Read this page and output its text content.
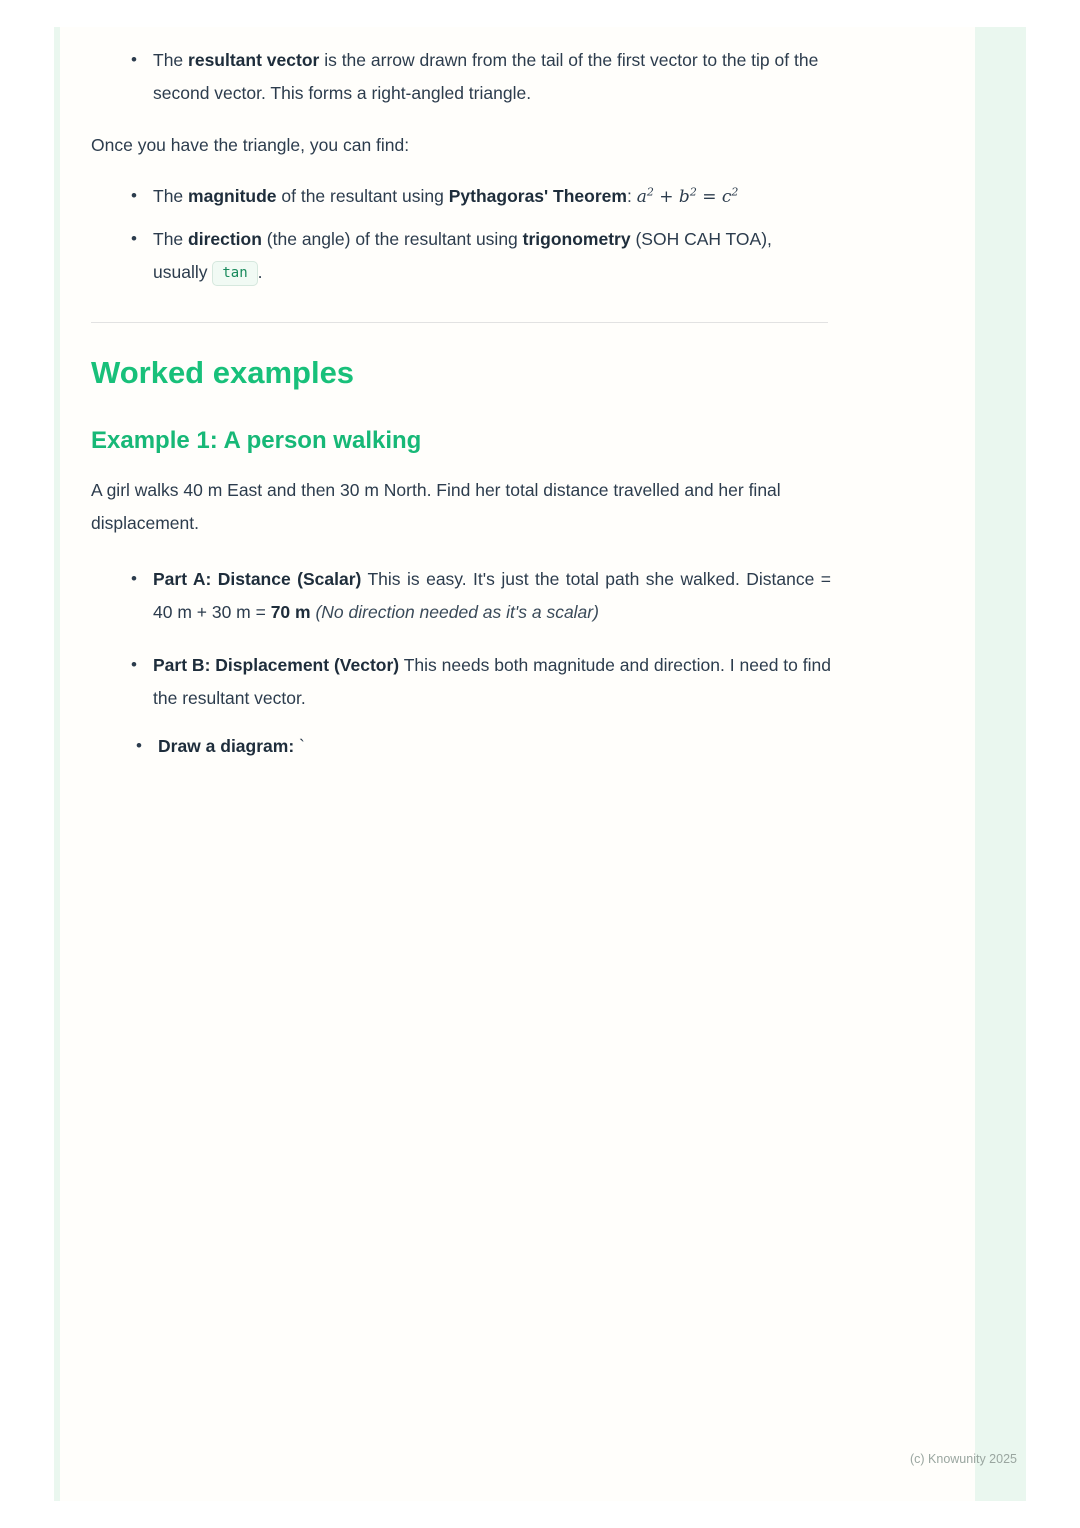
• The resultant vector is the arrow drawn from the tail of the first vector to the tip of the second vector. This forms a right-angled triangle.

Once you have the triangle, you can find:

• The magnitude of the resultant using Pythagoras' Theorem: $a^2 + b^2 = c^2$
• The direction (the angle) of the resultant using trigonometry (SOH CAH TOA), usually tan .
Worked examples
Example 1: A person walking

A girl walks 40 m East and then 30 m North. Find her total distance travelled and her final displacement.

• Part A: Distance (Scalar) This is easy. It's just the total path she walked. Distance = 40 m + 30 m = 70 m (No direction needed as it's a scalar)
• Part B: Displacement (Vector) This needs both magnitude and direction. I need to find the resultant vector.
• Draw a diagram: `
(c) Knowunity 2025
